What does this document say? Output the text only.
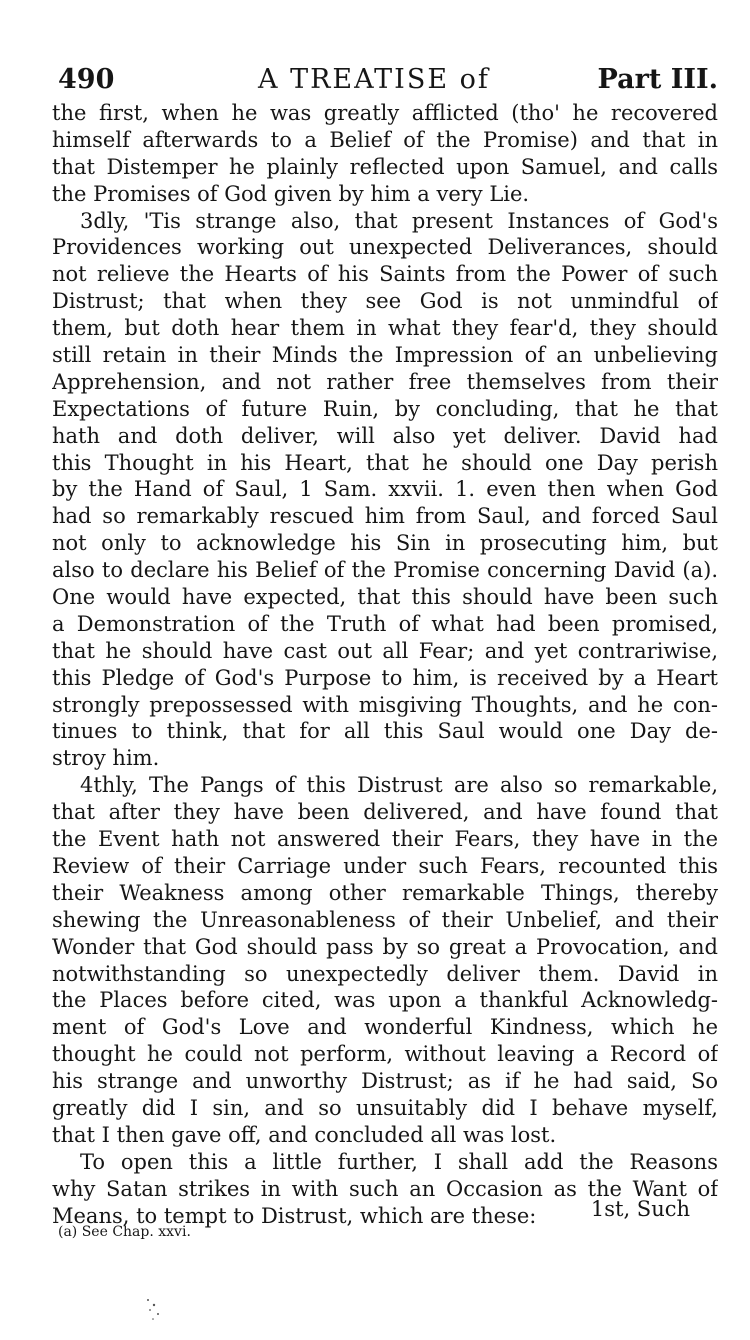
490	A TREATISE of	Part III.
the first, when he was greatly afflicted (tho' he recovered
himself afterwards to a Belief of the Promise) and that in
that Distemper he plainly reflected upon Samuel, and calls
the Promises of God given by him a very Lie.
3dly, 'Tis strange also, that present Instances of God's
Providences working out unexpected Deliverances, should
not relieve the Hearts of his Saints from the Power of such
Distrust; that when they see God is not unmindful of
them, but doth hear them in what they fear'd, they should
still retain in their Minds the Impression of an unbelieving
Apprehension, and not rather free themselves from their
Expectations of future Ruin, by concluding, that he that
hath and doth deliver, will also yet deliver. David had
this Thought in his Heart, that he should one Day perish
by the Hand of Saul, 1 Sam. xxvii. 1. even then when God
had so remarkably rescued him from Saul, and forced Saul
not only to acknowledge his Sin in prosecuting him, but
also to declare his Belief of the Promise concerning David (a).
One would have expected, that this should have been such
a Demonstration of the Truth of what had been promised,
that he should have cast out all Fear; and yet contrariwise,
this Pledge of God's Purpose to him, is received by a Heart
strongly prepossessed with misgiving Thoughts, and he con-
tinues to think, that for all this Saul would one Day de-
stroy him.
4thly, The Pangs of this Distrust are also so remarkable,
that after they have been delivered, and have found that
the Event hath not answered their Fears, they have in the
Review of their Carriage under such Fears, recounted this
their Weakness among other remarkable Things, thereby
shewing the Unreasonableness of their Unbelief, and their
Wonder that God should pass by so great a Provocation, and
notwithstanding so unexpectedly deliver them. David in
the Places before cited, was upon a thankful Acknowledg-
ment of God's Love and wonderful Kindness, which he
thought he could not perform, without leaving a Record of
his strange and unworthy Distrust; as if he had said, So
greatly did I sin, and so unsuitably did I behave myself,
that I then gave off, and concluded all was lost.
To open this a little further, I shall add the Reasons
why Satan strikes in with such an Occasion as the Want of
Means, to tempt to Distrust, which are these:	1st, Such
(a) See Chap. xxvi.
